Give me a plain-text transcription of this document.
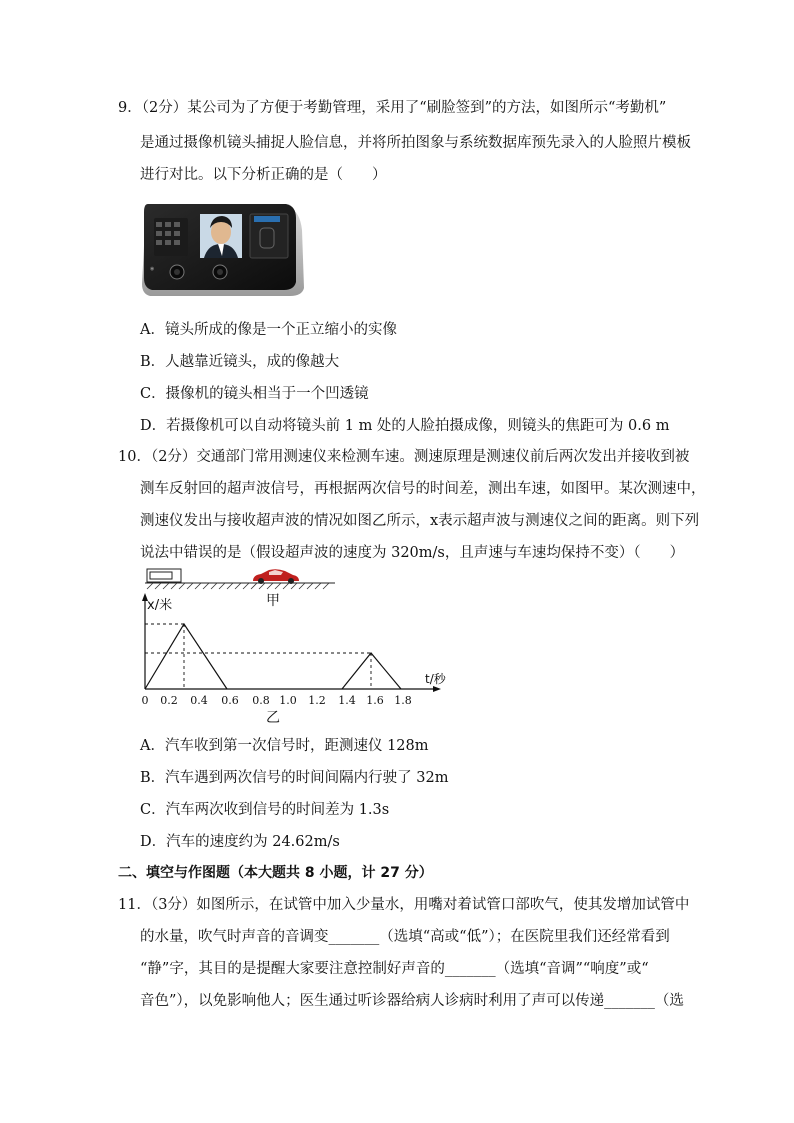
9．（2分）某公司为了方便于考勤管理，采用了“刷脸签到”的方法，如图所示“考勤机”
是通过摄像机镜头捕捉人脸信息，并将所拍图象与系统数据库预先录入的人脸照片模板
进行对比。以下分析正确的是（　　）
◉
A．镜头所成的像是一个正立缩小的实像
B．人越靠近镜头，成的像越大
C．摄像机的镜头相当于一个凹透镜
D．若摄像机可以自动将镜头前 1 m 处的人脸拍摄成像，则镜头的焦距可为 0.6 m
10．（2分）交通部门常用测速仪来检测车速。测速原理是测速仪前后两次发出并接收到被
测车反射回的超声波信号，再根据两次信号的时间差，测出车速，如图甲。某次测速中，
测速仪发出与接收超声波的情况如图乙所示，x表示超声波与测速仪之间的距离。则下列
说法中错误的是（假设超声波的速度为 320m/s，且声速与车速均保持不变）（　　）
0 0.2 0.4 0.6 0.8 1.0 1.2 1.4 1.6 1.8
x/米
t/秒
甲
乙
A．汽车收到第一次信号时，距测速仪 128m
B．汽车遇到两次信号的时间间隔内行驶了 32m
C．汽车两次收到信号的时间差为 1.3s
D．汽车的速度约为 24.62m/s
二、填空与作图题（本大题共 8 小题，计 27 分）
11．（3分）如图所示，在试管中加入少量水，用嘴对着试管口部吹气，使其发增加试管中
的水量，吹气时声音的音调变_______（选填“高或“低”）；在医院里我们还经常看到
“静”字，其目的是提醒大家要注意控制好声音的_______（选填“音调”“响度”或“
音色”），以免影响他人；医生通过听诊器给病人诊病时利用了声可以传递_______（选
